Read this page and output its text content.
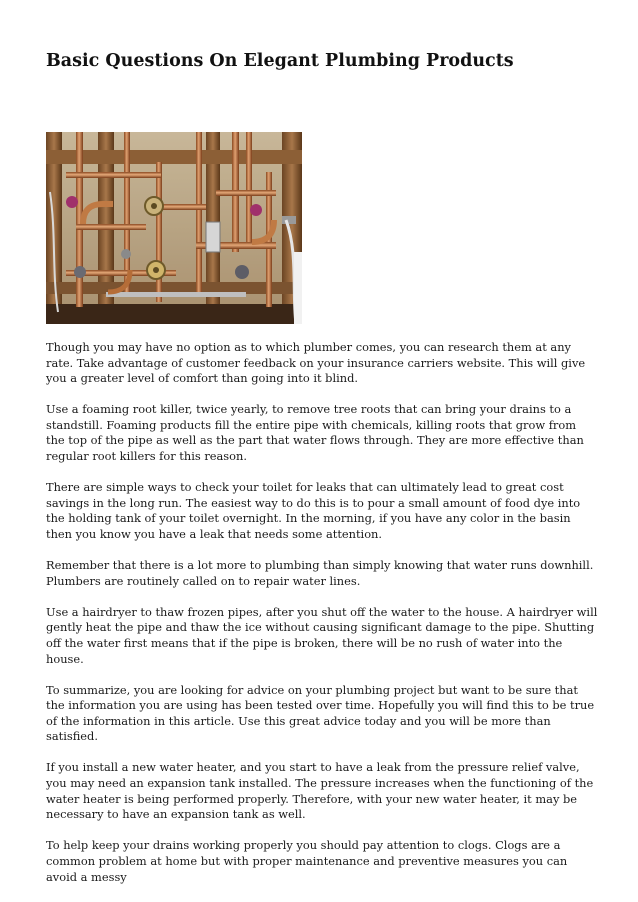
Basic Questions On Elegant Plumbing Products

Though you may have no option as to which plumber comes, you can research them at any rate. Take advantage of customer feedback on your insurance carriers website. This will give you a greater level of comfort than going into it blind.

Use a foaming root killer, twice yearly, to remove tree roots that can bring your drains to a standstill. Foaming products fill the entire pipe with chemicals, killing roots that grow from the top of the pipe as well as the part that water flows through. They are more effective than regular root killers for this reason.

There are simple ways to check your toilet for leaks that can ultimately lead to great cost savings in the long run. The easiest way to do this is to pour a small amount of food dye into the holding tank of your toilet overnight. In the morning, if you have any color in the basin then you know you have a leak that needs some attention.

Remember that there is a lot more to plumbing than simply knowing that water runs downhill. Plumbers are routinely called on to repair water lines.

Use a hairdryer to thaw frozen pipes, after you shut off the water to the house. A hairdryer will gently heat the pipe and thaw the ice without causing significant damage to the pipe. Shutting off the water first means that if the pipe is broken, there will be no rush of water into the house.

To summarize, you are looking for advice on your plumbing project but want to be sure that the information you are using has been tested over time. Hopefully you will find this to be true of the information in this article. Use this great advice today and you will be more than satisfied.

If you install a new water heater, and you start to have a leak from the pressure relief valve, you may need an expansion tank installed. The pressure increases when the functioning of the water heater is being performed properly. Therefore, with your new water heater, it may be necessary to have an expansion tank as well.

To help keep your drains working properly you should pay attention to clogs. Clogs are a common problem at home but with proper maintenance and preventive measures you can avoid a messy
